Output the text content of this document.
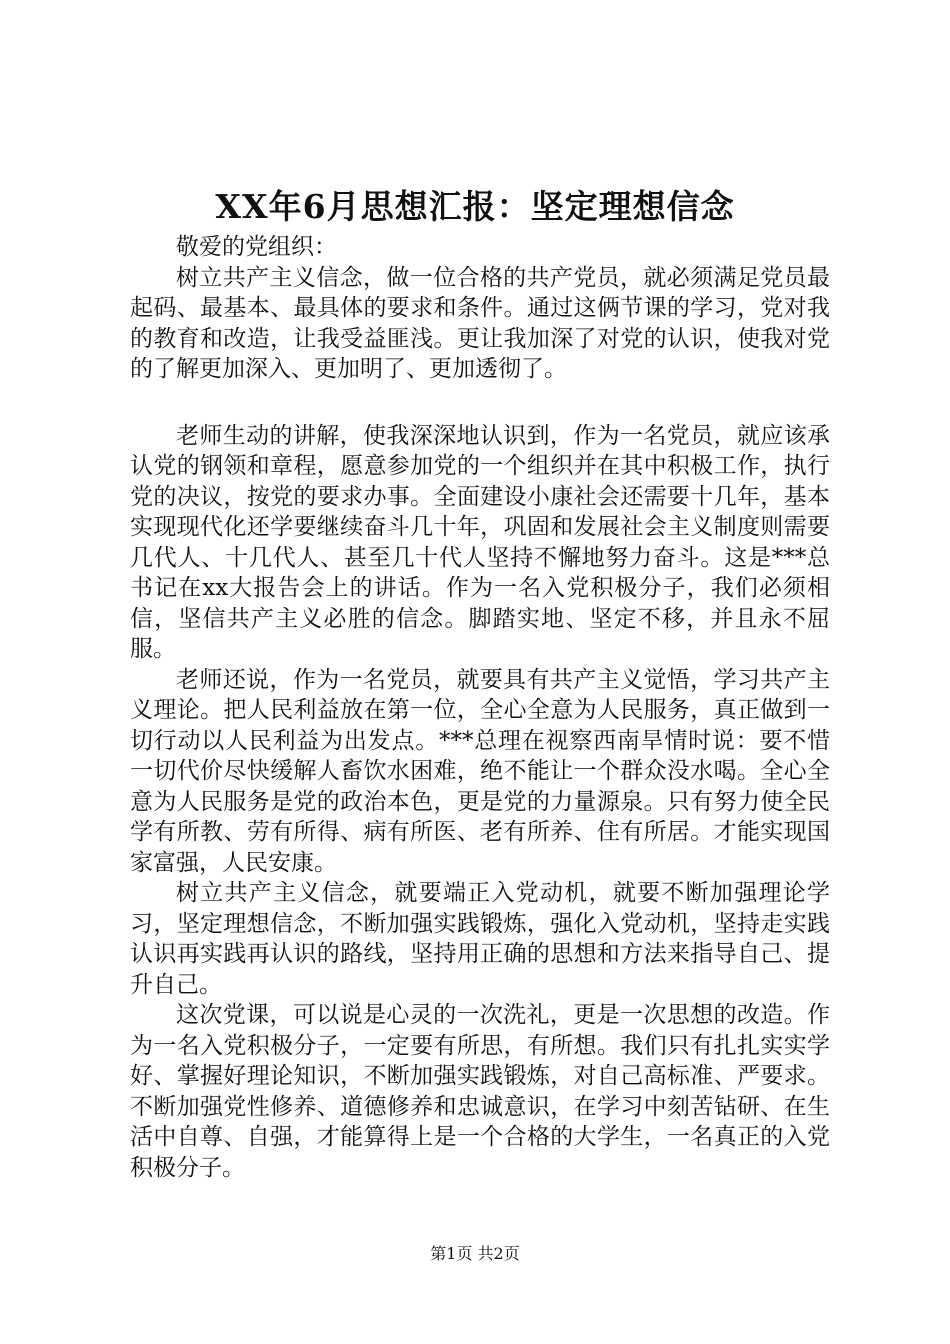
XX年6月思想汇报：坚定理想信念

敬爱的党组织：

树立共产主义信念，做一位合格的共产党员，就必须满足党员最起码、最基本、最具体的要求和条件。通过这俩节课的学习，党对我的教育和改造，让我受益匪浅。更让我加深了对党的认识，使我对党的了解更加深入、更加明了、更加透彻了。

老师生动的讲解，使我深深地认识到，作为一名党员，就应该承认党的钢领和章程，愿意参加党的一个组织并在其中积极工作，执行党的决议，按党的要求办事。全面建设小康社会还需要十几年，基本实现现代化还学要继续奋斗几十年，巩固和发展社会主义制度则需要几代人、十几代人、甚至几十代人坚持不懈地努力奋斗。这是***总书记在xx大报告会上的讲话。作为一名入党积极分子，我们必须相信，坚信共产主义必胜的信念。脚踏实地、坚定不移，并且永不屈服。

老师还说，作为一名党员，就要具有共产主义觉悟，学习共产主义理论。把人民利益放在第一位，全心全意为人民服务，真正做到一切行动以人民利益为出发点。***总理在视察西南旱情时说：要不惜一切代价尽快缓解人畜饮水困难，绝不能让一个群众没水喝。全心全意为人民服务是党的政治本色，更是党的力量源泉。只有努力使全民学有所教、劳有所得、病有所医、老有所养、住有所居。才能实现国家富强，人民安康。

树立共产主义信念，就要端正入党动机，就要不断加强理论学习，坚定理想信念，不断加强实践锻炼，强化入党动机，坚持走实践认识再实践再认识的路线，坚持用正确的思想和方法来指导自己、提升自己。

这次党课，可以说是心灵的一次洗礼，更是一次思想的改造。作为一名入党积极分子，一定要有所思，有所想。我们只有扎扎实实学好、掌握好理论知识，不断加强实践锻炼，对自己高标准、严要求。不断加强党性修养、道德修养和忠诚意识，在学习中刻苦钻研、在生活中自尊、自强，才能算得上是一个合格的大学生，一名真正的入党积极分子。

第1页 共2页
